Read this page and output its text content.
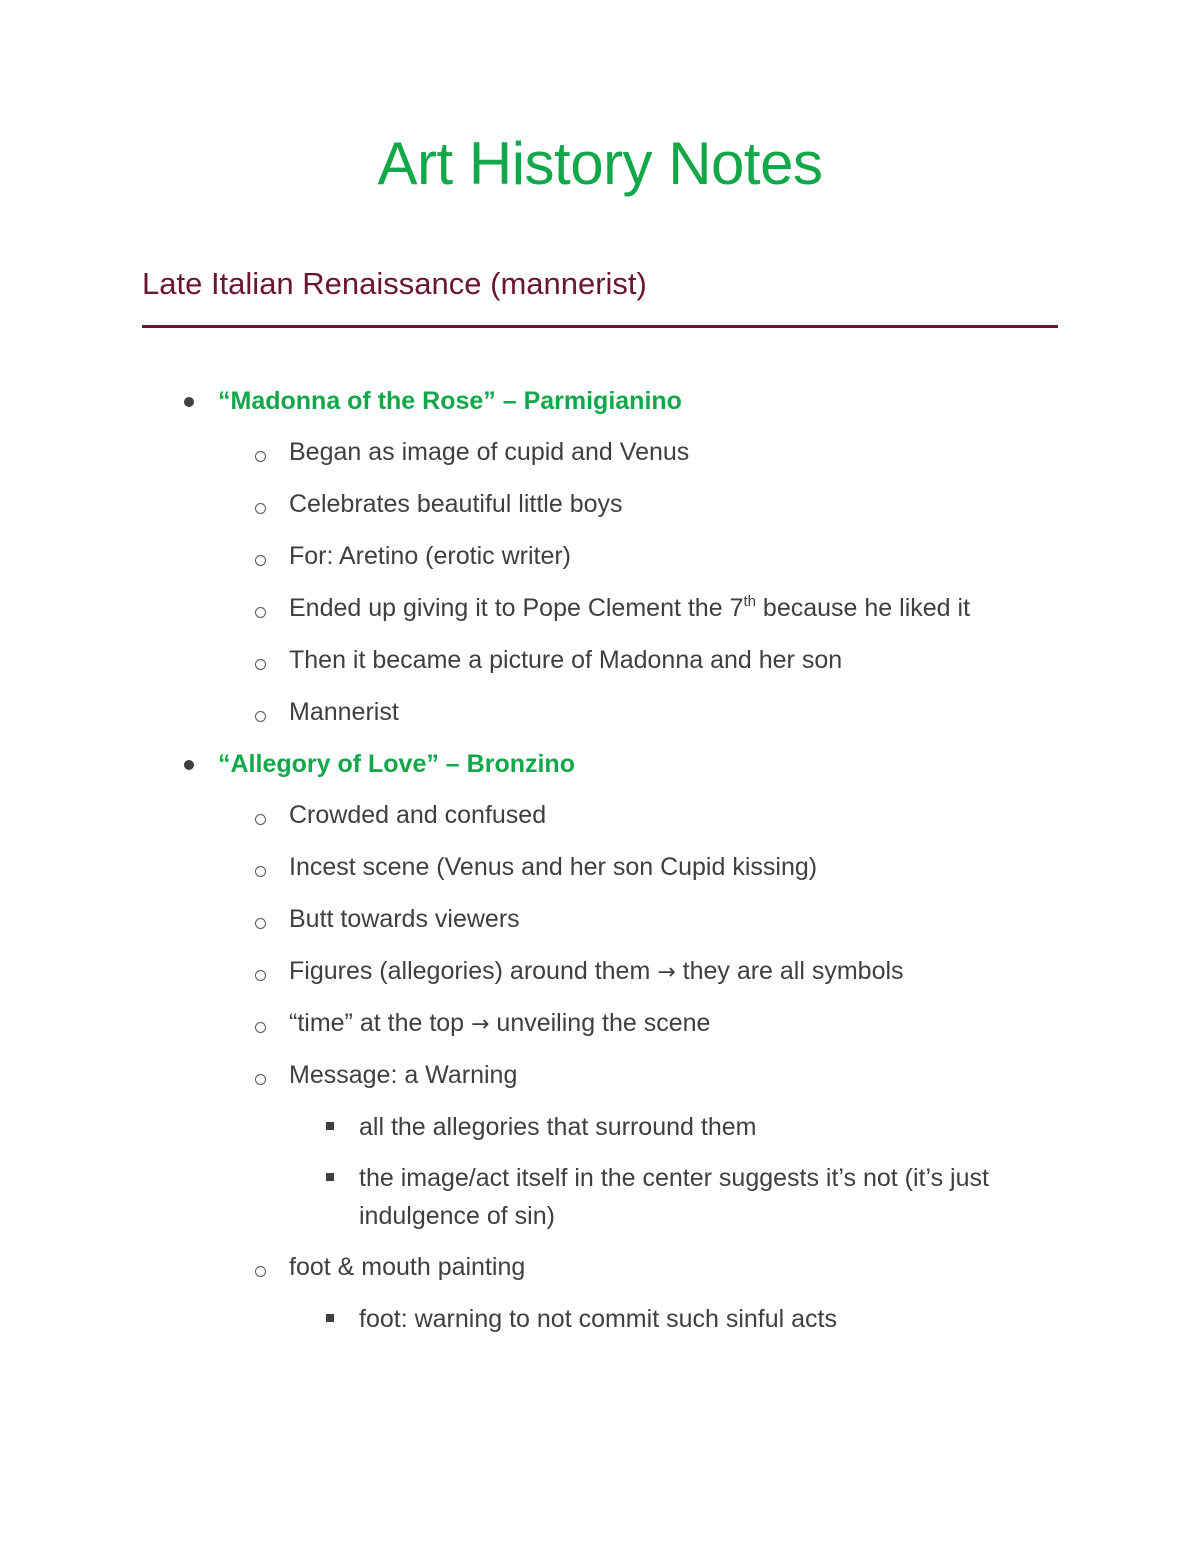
Art History Notes
Late Italian Renaissance (mannerist)
“Madonna of the Rose” – Parmigianino
Began as image of cupid and Venus
Celebrates beautiful little boys
For: Aretino (erotic writer)
Ended up giving it to Pope Clement the 7th because he liked it
Then it became a picture of Madonna and her son
Mannerist
“Allegory of Love” – Bronzino
Crowded and confused
Incest scene (Venus and her son Cupid kissing)
Butt towards viewers
Figures (allegories) around them → they are all symbols
“time” at the top → unveiling the scene
Message: a Warning
all the allegories that surround them
the image/act itself in the center suggests it’s not (it’s just
indulgence of sin)
foot & mouth painting
foot: warning to not commit such sinful acts
